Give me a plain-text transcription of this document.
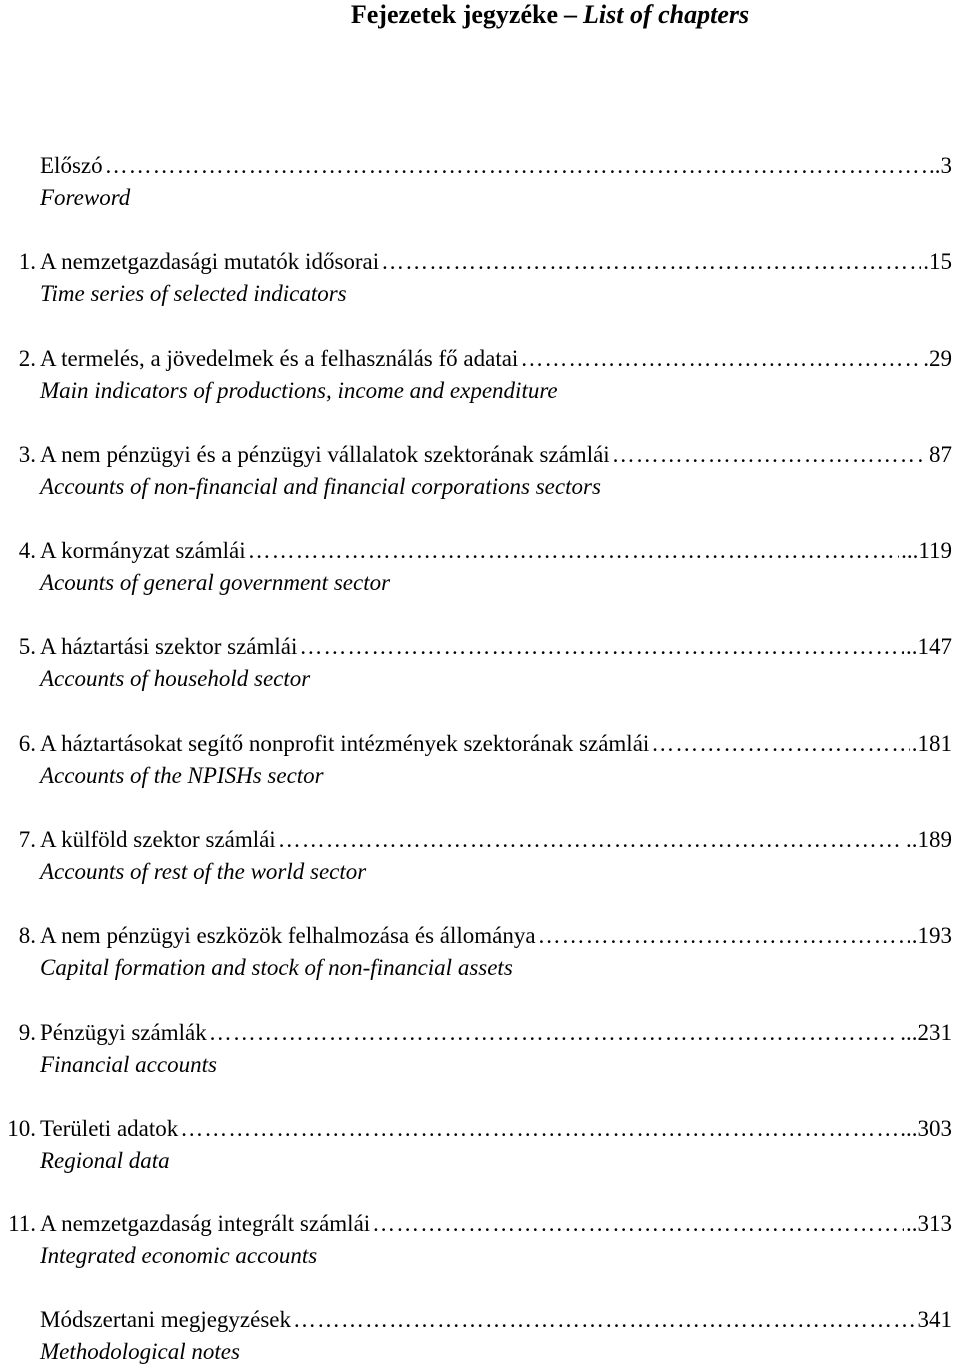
Fejezetek jegyzéke – List of chapters
Előszó …………………………………………………………………………………………………………………………………………	..3
Foreword
1. A nemzetgazdasági mutatók idősorai …………………………………………………………………………………………………………………………………………	.15
Time series of selected indicators
2. A termelés, a jövedelmek és a felhasználás fő adatai …………………………………………………………………………………………………………………………………………	.29
Main indicators of productions, income and expenditure
3. A nem pénzügyi és a pénzügyi vállalatok szektorának számlái …………………………………………………………………………………………………………………………………………	. 87
Accounts of non-financial and financial corporations sectors
4. A kormányzat számlái …………………………………………………………………………………………………………………………………………	...119
Acounts of general government sector
5. A háztartási szektor számlái …………………………………………………………………………………………………………………………………………	..147
Accounts of household sector
6. A háztartásokat segítő nonprofit intézmények szektorának számlái …………………………………………………………………………………………………………………………………………	.181
Accounts of the NPISHs sector
7. A külföld szektor számlái …………………………………………………………………………………………………………………………………………	..189
Accounts of rest of the world sector
8. A nem pénzügyi eszközök felhalmozása és állománya …………………………………………………………………………………………………………………………………………	.193
Capital formation and stock of non-financial assets
9. Pénzügyi számlák …………………………………………………………………………………………………………………………………………	...231
Financial accounts
10. Területi adatok …………………………………………………………………………………………………………………………………………	...303
Regional data
11. A nemzetgazdaság integrált számlái …………………………………………………………………………………………………………………………………………	..313
Integrated economic accounts
Módszertani megjegyzések …………………………………………………………………………………………………………………………………………	341
Methodological notes
